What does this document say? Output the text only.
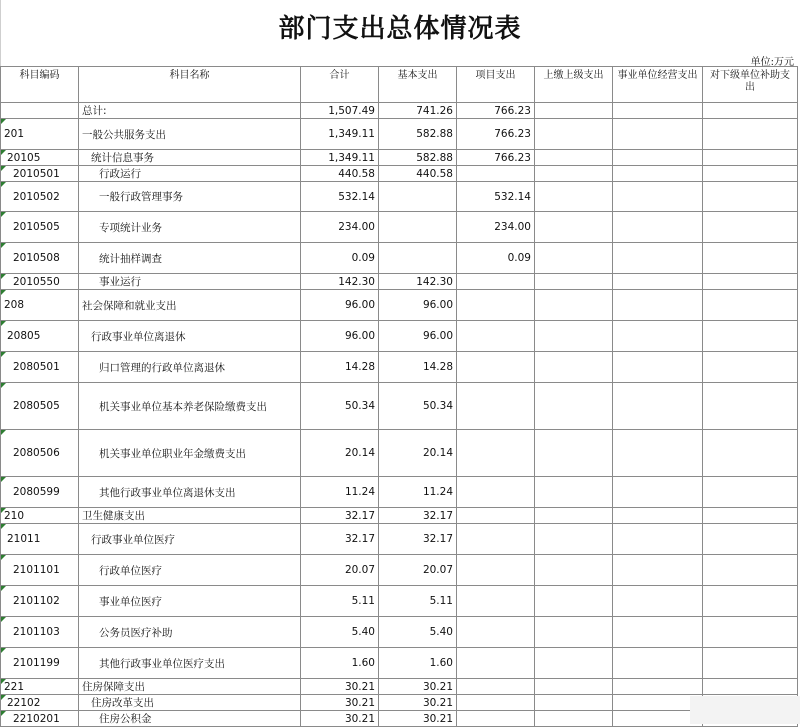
部门支出总体情况表
单位:万元
科目编码	科目名称	合计	基本支出	项目支出	上缴上级支出	事业单位经营支出	对下级单位补助支出
	总计:	1,507.49	741.26	766.23			
201	一般公共服务支出	1,349.11	582.88	766.23			
20105	统计信息事务	1,349.11	582.88	766.23			
2010501	行政运行	440.58	440.58				
2010502	一般行政管理事务	532.14		532.14			
2010505	专项统计业务	234.00		234.00			
2010508	统计抽样调查	0.09		0.09			
2010550	事业运行	142.30	142.30				
208	社会保障和就业支出	96.00	96.00				
20805	行政事业单位离退休	96.00	96.00				
2080501	归口管理的行政单位离退休	14.28	14.28				
2080505	机关事业单位基本养老保险缴费支出	50.34	50.34				
2080506	机关事业单位职业年金缴费支出	20.14	20.14				
2080599	其他行政事业单位离退休支出	11.24	11.24				
210	卫生健康支出	32.17	32.17				
21011	行政事业单位医疗	32.17	32.17				
2101101	行政单位医疗	20.07	20.07				
2101102	事业单位医疗	5.11	5.11				
2101103	公务员医疗补助	5.40	5.40				
2101199	其他行政事业单位医疗支出	1.60	1.60				
221	住房保障支出	30.21	30.21				
22102	住房改革支出	30.21	30.21				
2210201	住房公积金	30.21	30.21				
